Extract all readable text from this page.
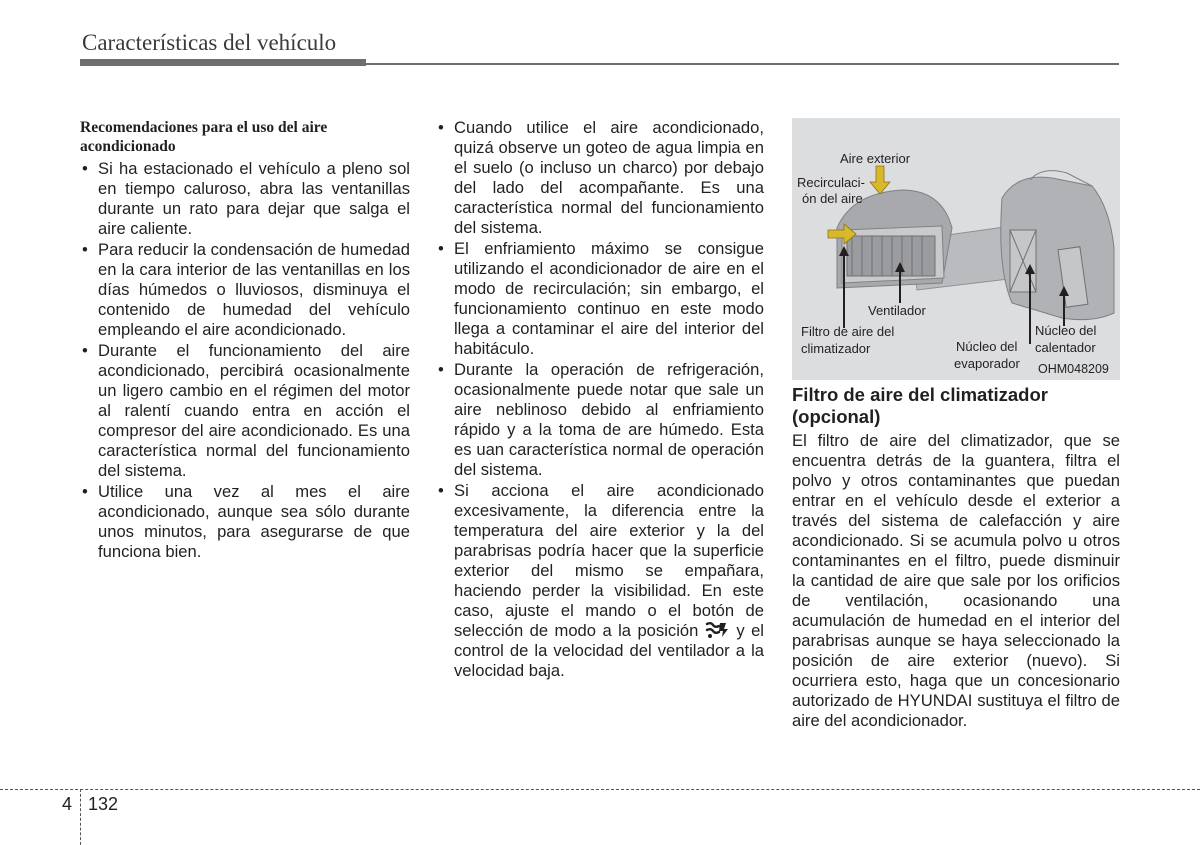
Características del vehículo
Recomendaciones para el uso del aire acondicionado
• Si ha estacionado el vehículo a pleno sol en tiempo caluroso, abra las ventanillas durante un rato para dejar que salga el aire caliente.
• Para reducir la condensación de humedad en la cara interior de las ventanillas en los días húmedos o lluviosos, disminuya el contenido de humedad del vehículo empleando el aire acondicionado.
• Durante el funcionamiento del aire acondicionado, percibirá ocasionalmente un ligero cambio en el régimen del motor al ralentí cuando entra en acción el compresor del aire acondicionado. Es una característica normal del funcionamiento del sistema.
• Utilice una vez al mes el aire acondicionado, aunque sea sólo durante unos minutos, para asegurarse de que funciona bien.
• Cuando utilice el aire acondicionado, quizá observe un goteo de agua limpia en el suelo (o incluso un charco) por debajo del lado del acompañante. Es una característica normal del funcionamiento del sistema.
• El enfriamiento máximo se consigue utilizando el acondicionador de aire en el modo de recirculación; sin embargo, el funcionamiento continuo en este modo llega a contaminar el aire del interior del habitáculo.
• Durante la operación de refrigeración, ocasionalmente puede notar que sale un aire neblinoso debido al enfriamiento rápido y a la toma de are húmedo. Esta es uan característica normal de operación del sistema.
• Si acciona el aire acondicionado excesivamente, la diferencia entre la temperatura del aire exterior y la del parabrisas podría hacer que la superficie exterior del mismo se empañara, haciendo perder la visibilidad. En este caso, ajuste el mando o el botón de selección de modo a la posición y el control de la velocidad del ventilador a la velocidad baja.
Aire exterior
Recirculaci-
ón del aire
Ventilador
Filtro de aire del
climatizador	Núcleo del
evaporador
Núcleo del
calentador
OHM048209
Filtro de aire del climatizador (opcional)
El filtro de aire del climatizador, que se encuentra detrás de la guantera, filtra el polvo y otros contaminantes que puedan entrar en el vehículo desde el exterior a través del sistema de calefacción y aire acondicionado. Si se acumula polvo u otros contaminantes en el filtro, puede disminuir la cantidad de aire que sale por los orificios de ventilación, ocasionando una acumulación de humedad en el interior del parabrisas aunque se haya seleccionado la posición de aire exterior (nuevo). Si ocurriera esto, haga que un concesionario autorizado de HYUNDAI sustituya el filtro de aire del acondicionador.
4 132
